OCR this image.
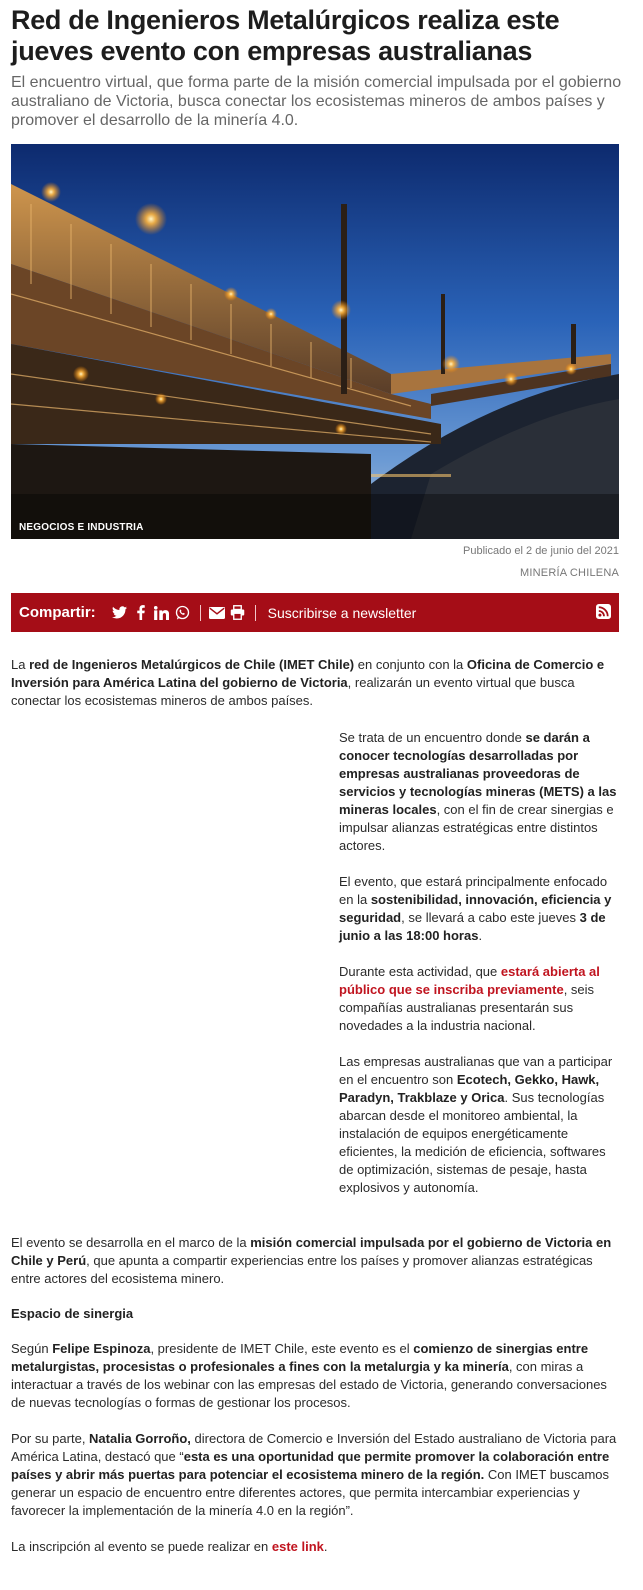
Red de Ingenieros Metalúrgicos realiza este jueves evento con empresas australianas

El encuentro virtual, que forma parte de la misión comercial impulsada por el gobierno australiano de Victoria, busca conectar los ecosistemas mineros de ambos países y promover el desarrollo de la minería 4.0.

NEGOCIOS E INDUSTRIA
Publicado el 2 de junio del 2021
MINERÍA CHILENA
Compartir:	Suscribirse a newsletter

La red de Ingenieros Metalúrgicos de Chile (IMET Chile) en conjunto con la Oficina de Comercio e Inversión para América Latina del gobierno de Victoria, realizarán un evento virtual que busca conectar los ecosistemas mineros de ambos países.

Se trata de un encuentro donde se darán a conocer tecnologías desarrolladas por empresas australianas proveedoras de servicios y tecnologías mineras (METS) a las mineras locales, con el fin de crear sinergias e impulsar alianzas estratégicas entre distintos actores.

El evento, que estará principalmente enfocado en la sostenibilidad, innovación, eficiencia y seguridad, se llevará a cabo este jueves 3 de junio a las 18:00 horas.

Durante esta actividad, que estará abierta al público que se inscriba previamente, seis compañías australianas presentarán sus novedades a la industria nacional.

Las empresas australianas que van a participar en el encuentro son Ecotech, Gekko, Hawk, Paradyn, Trakblaze y Orica. Sus tecnologías abarcan desde el monitoreo ambiental, la instalación de equipos energéticamente eficientes, la medición de eficiencia, softwares de optimización, sistemas de pesaje, hasta explosivos y autonomía.

El evento se desarrolla en el marco de la misión comercial impulsada por el gobierno de Victoria en Chile y Perú, que apunta a compartir experiencias entre los países y promover alianzas estratégicas entre actores del ecosistema minero.

Espacio de sinergia

Según Felipe Espinoza, presidente de IMET Chile, este evento es el comienzo de sinergias entre metalurgistas, procesistas o profesionales a fines con la metalurgia y ka minería, con miras a interactuar a través de los webinar con las empresas del estado de Victoria, generando conversaciones de nuevas tecnologías o formas de gestionar los procesos.

Por su parte, Natalia Gorroño, directora de Comercio e Inversión del Estado australiano de Victoria para América Latina, destacó que “esta es una oportunidad que permite promover la colaboración entre países y abrir más puertas para potenciar el ecosistema minero de la región. Con IMET buscamos generar un espacio de encuentro entre diferentes actores, que permita intercambiar experiencias y favorecer la implementación de la minería 4.0 en la región”.

La inscripción al evento se puede realizar en este link.
